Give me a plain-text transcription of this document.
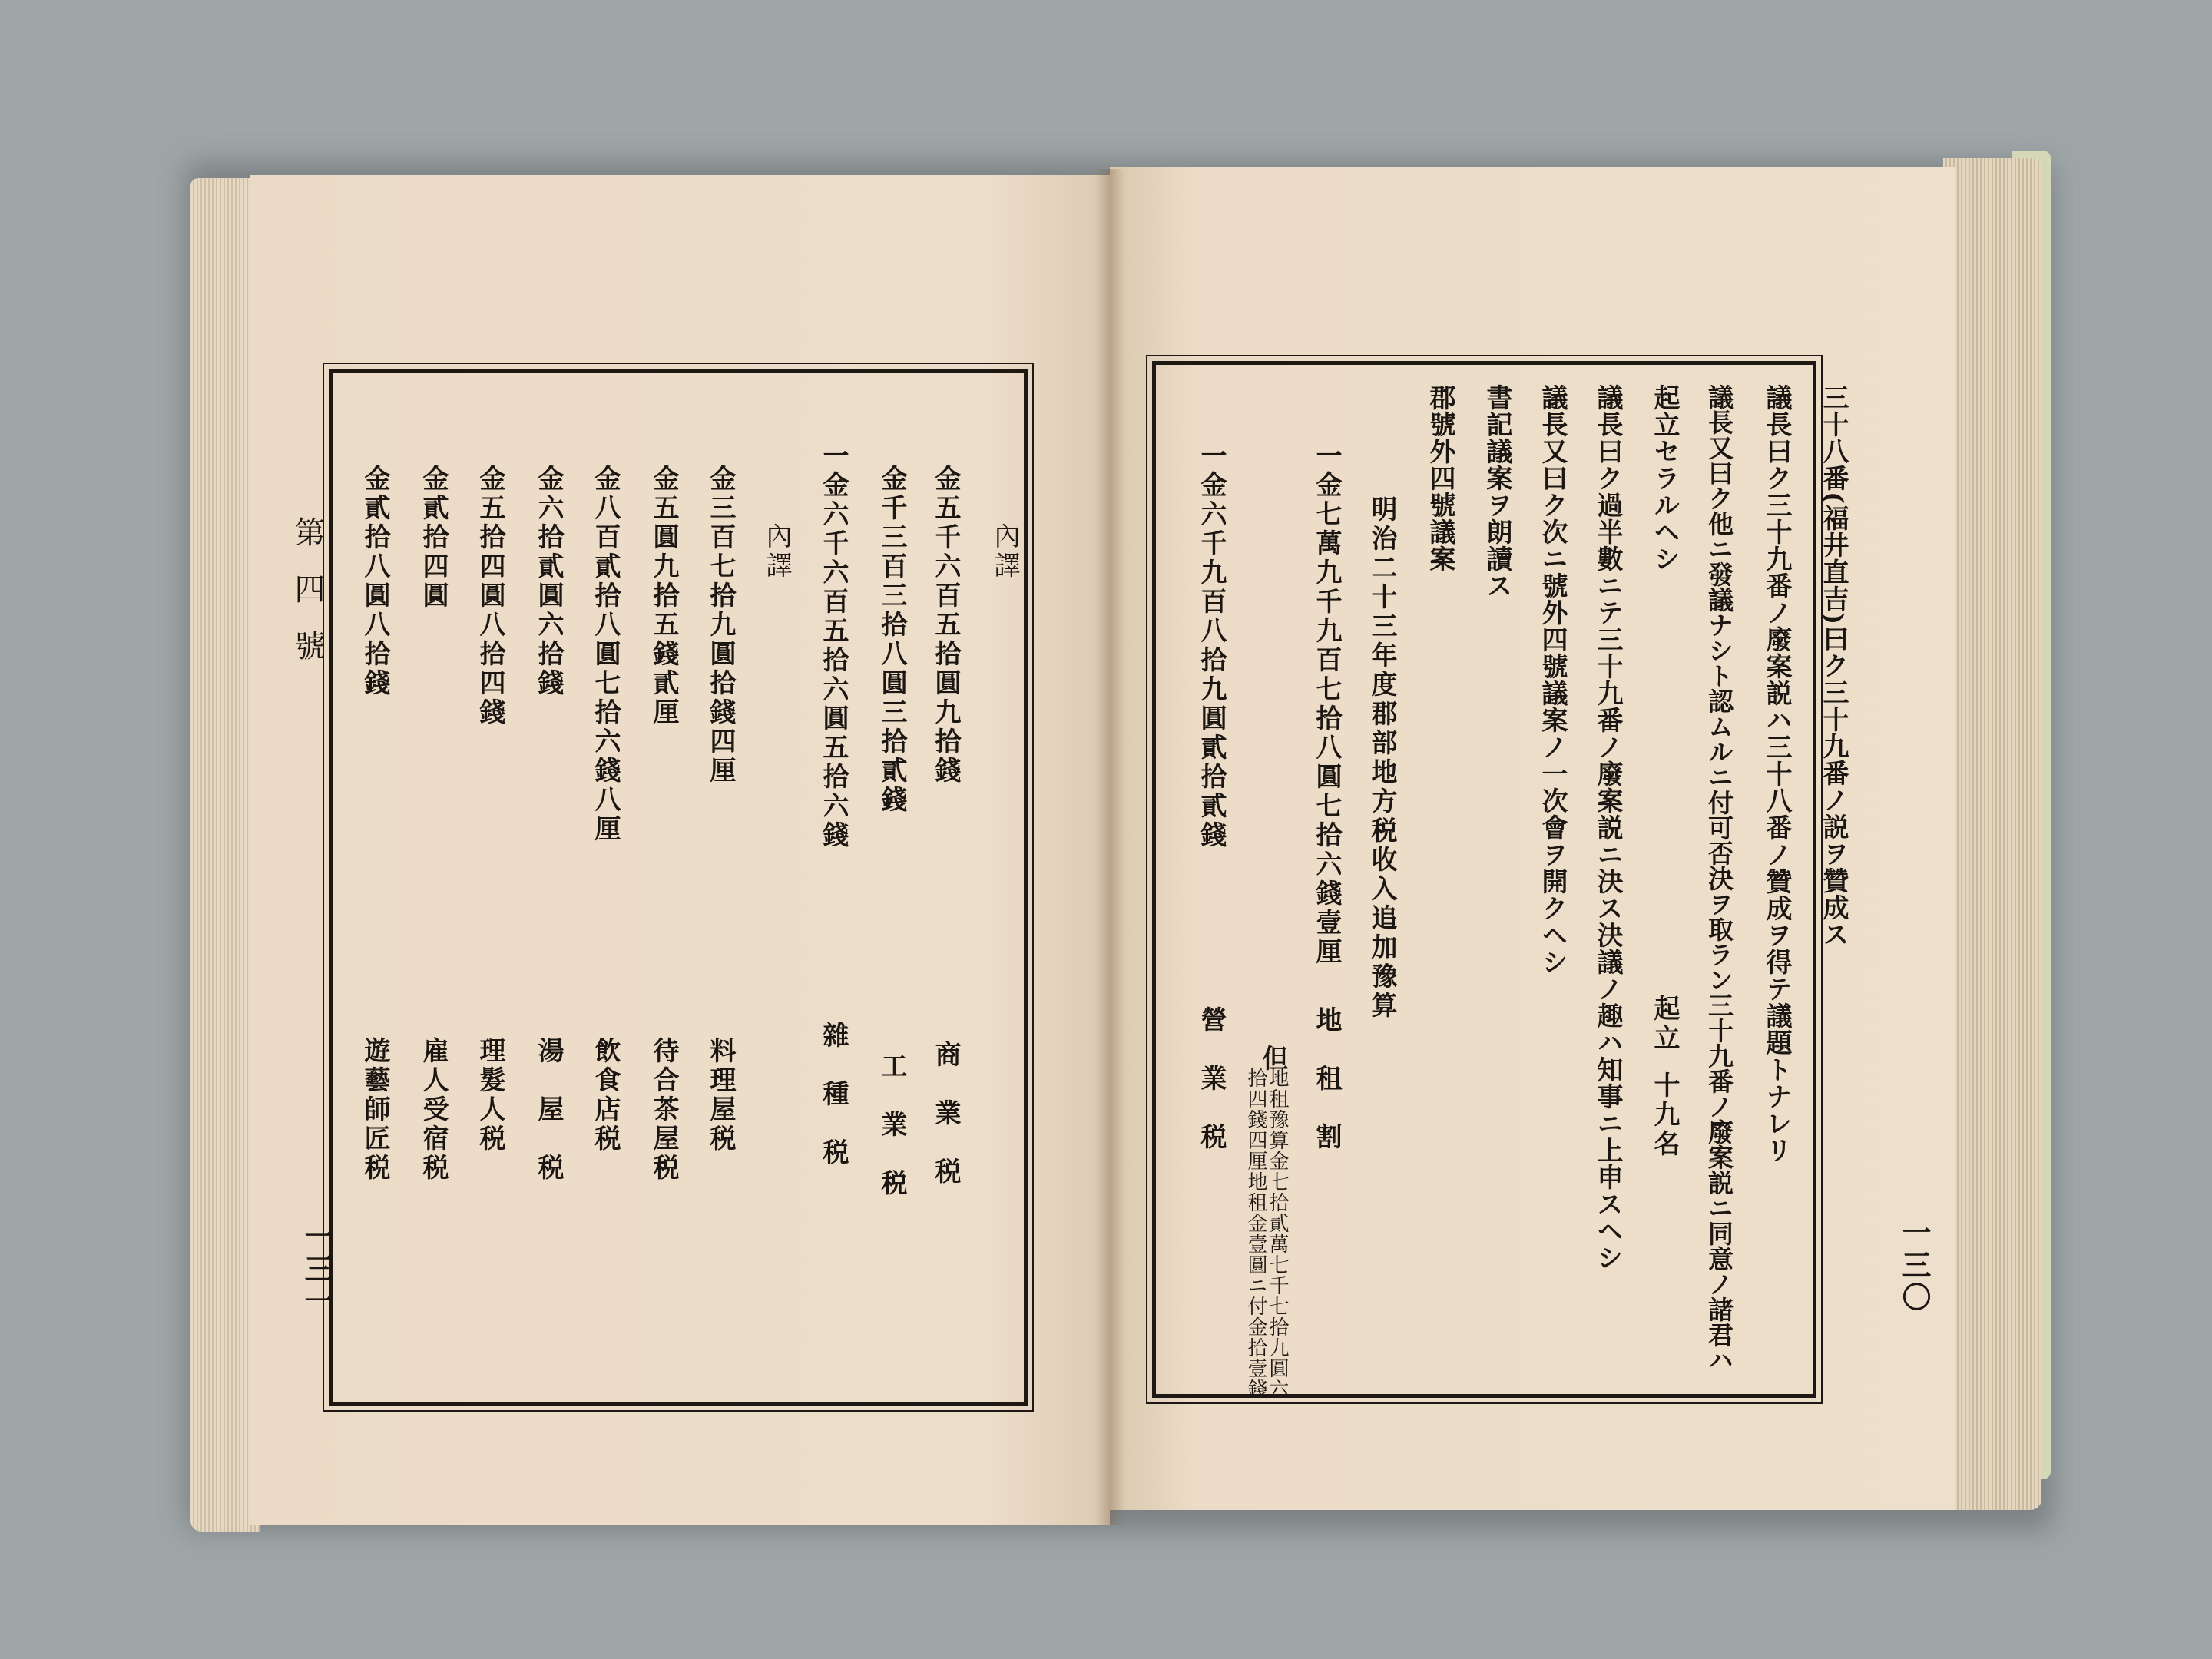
第四號
一三一
內譯
金五千六百五拾圓九拾錢
金千三百三拾八圓三拾貳錢
一金六千六百五拾六圓五拾六錢
內譯
金三百七拾九圓拾錢四厘
金五圓九拾五錢貳厘
金八百貳拾八圓七拾六錢八厘
金六拾貳圓六拾錢
金五拾四圓八拾四錢
金貳拾四圓
金貳拾八圓八拾錢
商　業　税
工　業　税
雜　種　税
料理屋税
待合茶屋税
飲食店税
湯　屋　税
理髮人税
雇人受宿税
遊藝師匠税
一三〇
三十八番(福井直吉)曰ク三十九番ノ説ヲ贊成ス
議長曰ク三十九番ノ廢案説ハ三十八番ノ贊成ヲ得テ議題トナレリ
議長又曰ク他ニ發議ナシト認ムルニ付可否決ヲ取ラン三十九番ノ廢案説ニ同意ノ諸君ハ
起立セラルヘシ
議長曰ク過半數ニテ三十九番ノ廢案説ニ決ス決議ノ趣ハ知事ニ上申スヘシ
議長又曰ク次ニ號外四號議案ノ一次會ヲ開クヘシ
書記議案ヲ朗讀ス
郡號外四號議案
明治二十三年度郡部地方税收入追加豫算
一金七萬九千九百七拾八圓七拾六錢壹厘
一金六千九百八拾九圓貳拾貳錢
起立
十九名
地　租　割
營　業　税 但
地租豫算金七拾貳萬七千七拾九圓六
拾四錢四厘地租金壹圓ニ付金拾壹錢
